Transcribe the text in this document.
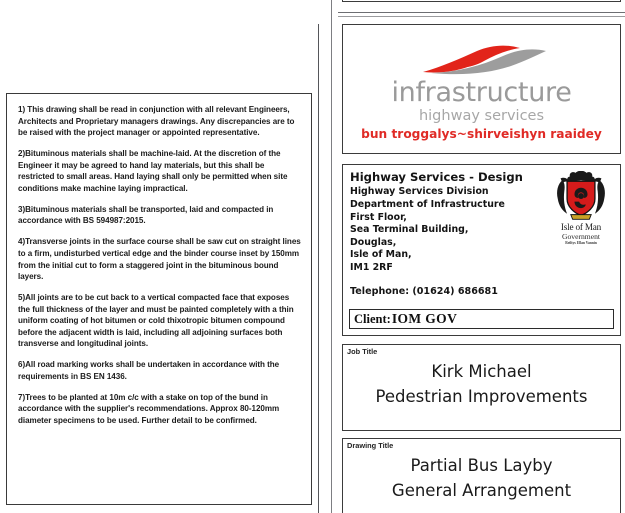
1) This drawing shall be read in conjunction with all relevant Engineers, Architects and Proprietary managers drawings. Any discrepancies are to be raised with the project manager or appointed representative.

2)Bituminous materials shall be machine-laid. At the discretion of the Engineer it may be agreed to hand lay materials, but this shall be restricted to small areas. Hand laying shall only be permitted when site conditions make machine laying impractical.

3)Bituminous materials shall be transported, laid and compacted in accordance with BS 594987:2015.

4)Transverse joints in the surface course shall be saw cut on straight lines to a firm, undisturbed vertical edge and the binder course inset by 150mm from the initial cut to form a staggered joint in the bituminous bound layers.

5)All joints are to be cut back to a vertical compacted face that exposes the full thickness of the layer and must be painted completely with a thin uniform coating of hot bitumen or cold thixotropic bitumen compound before the adjacent width is laid, including all adjoining surfaces both transverse and longitudinal joints.

6)All road marking works shall be undertaken in accordance with the requirements in BS EN 1436.

7)Trees to be planted at 10m c/c with a stake on top of the bund in accordance with the supplier's recommendations. Approx 80-120mm diameter specimens to be used. Further detail to be confirmed.

infrastructure
highway services
bun troggalys~shirveishyn raaidey
Highway Services - Design
Highway Services Division
Department of Infrastructure
First Floor,
Sea Terminal Building,
Douglas,
Isle of Man,
IM1 2RF
Telephone: (01624) 686681
Isle of Man
Government
Reiltys Ellan Vannin
Client: IOM GOV
Job Title
Kirk Michael
Pedestrian Improvements
Drawing Title
Partial Bus Layby
General Arrangement
